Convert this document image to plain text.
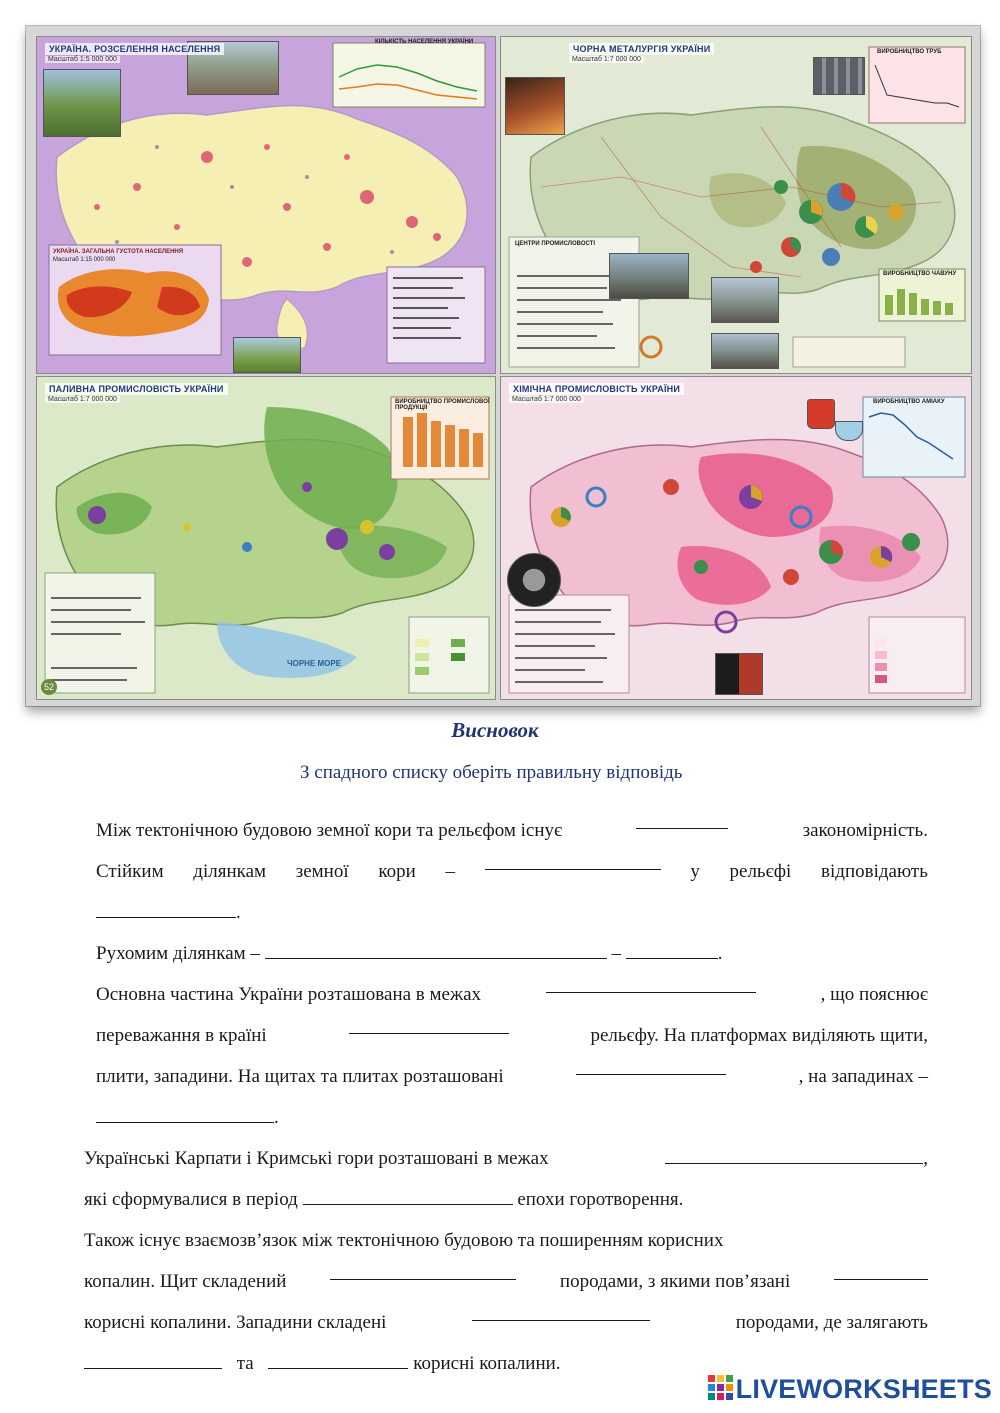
УКРАЇНА. РОЗСЕЛЕННЯ НАСЕЛЕННЯ
Масштаб 1:5 000 000
КІЛЬКІСТЬ НАСЕЛЕННЯ УКРАЇНИ
УКРАЇНА. ЗАГАЛЬНА ГУСТОТА НАСЕЛЕННЯ
Масштаб 1:15 000 000
ЧОРНА МЕТАЛУРГІЯ УКРАЇНИ
Масштаб 1:7 000 000
ВИРОБНИЦТВО ТРУБ
ВИРОБНИЦТВО ЧАВУНУ
ЦЕНТРИ ПРОМИСЛОВОСТІ
ПАЛИВНА ПРОМИСЛОВІСТЬ УКРАЇНИ
Масштаб 1:7 000 000	ВИРОБНИЦТВО ПРОМИСЛОВОЇ ПРОДУКЦІЇ
ЧОРНЕ МОРЕ
52
ХІМІЧНА ПРОМИСЛОВІСТЬ УКРАЇНИ
Масштаб 1:7 000 000	ВИРОБНИЦТВО АМІАКУ
Висновок
З спадного списку оберіть правильну відповідь
Між тектонічною будовою земної кори та рельєфом існує	закономірність.
Стійким ділянкам земної кори –	у рельєфі відповідають
.
Рухомим ділянкам –	–	.
Основна частина України розташована в межах	, що пояснює
переважання в країні	рельєфу. На платформах виділяють щити,
плити, западини. На щитах та плитах розташовані	, на западинах –
.
Українські Карпати і Кримські гори розташовані в межах	,
які сформувалися в період	епохи горотворення.
Також існує взаємозв’язок між тектонічною будовою та поширенням корисних
копалин. Щит складений	породами, з якими пов’язані
корисні копалини. Западини складені	породами, де залягають
та	корисні копалини.
LIVEWORKSHEETS
